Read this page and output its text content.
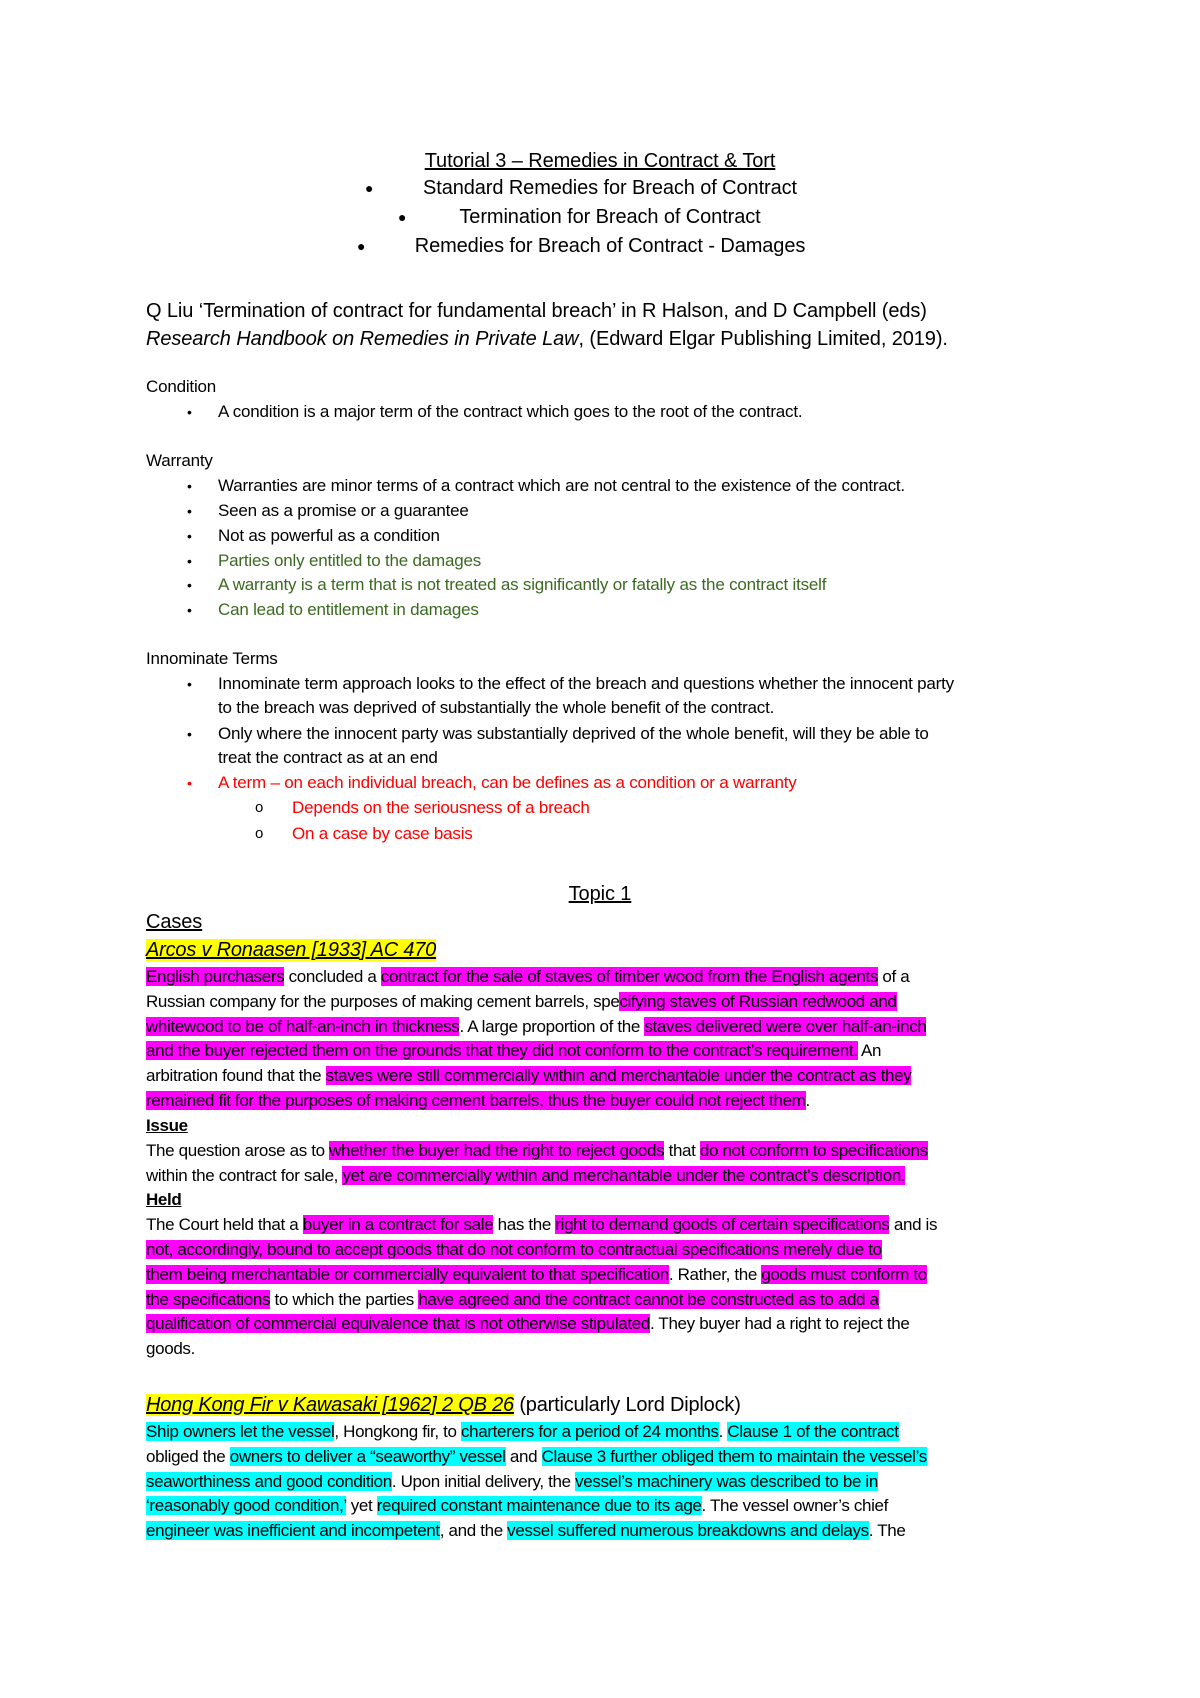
Tutorial 3 – Remedies in Contract & Tort
●	Standard Remedies for Breach of Contract
●	Termination for Breach of Contract
●	Remedies for Breach of Contract - Damages
Q Liu ‘Termination of contract for fundamental breach’ in R Halson, and D Campbell (eds)
Research Handbook on Remedies in Private Law, (Edward Elgar Publishing Limited, 2019).
Condition
• A condition is a major term of the contract which goes to the root of the contract.
Warranty
• Warranties are minor terms of a contract which are not central to the existence of the contract.
• Seen as a promise or a guarantee
• Not as powerful as a condition
• Parties only entitled to the damages
• A warranty is a term that is not treated as significantly or fatally as the contract itself
• Can lead to entitlement in damages
Innominate Terms
• Innominate term approach looks to the effect of the breach and questions whether the innocent party
to the breach was deprived of substantially the whole benefit of the contract.
• Only where the innocent party was substantially deprived of the whole benefit, will they be able to
treat the contract as at an end
• A term – on each individual breach, can be defines as a condition or a warranty
o Depends on the seriousness of a breach
o On a case by case basis
Topic 1
Cases
Arcos v Ronaasen [1933] AC 470
English purchasers concluded a contract for the sale of staves of timber wood from the English agents of a
Russian company for the purposes of making cement barrels, specifying staves of Russian redwood and
whitewood to be of half-an-inch in thickness. A large proportion of the staves delivered were over half-an-inch
and the buyer rejected them on the grounds that they did not conform to the contract’s requirement. An
arbitration found that the staves were still commercially within and merchantable under the contract as they
remained fit for the purposes of making cement barrels, thus the buyer could not reject them.
Issue
The question arose as to whether the buyer had the right to reject goods that do not conform to specifications
within the contract for sale, yet are commercially within and merchantable under the contract’s description.
Held
The Court held that a buyer in a contract for sale has the right to demand goods of certain specifications and is
not, accordingly, bound to accept goods that do not conform to contractual specifications merely due to
them being merchantable or commercially equivalent to that specification. Rather, the goods must conform to
the specifications to which the parties have agreed and the contract cannot be constructed as to add a
qualification of commercial equivalence that is not otherwise stipulated. They buyer had a right to reject the
goods.
Hong Kong Fir v Kawasaki [1962] 2 QB 26 (particularly Lord Diplock)
Ship owners let the vessel, Hongkong fir, to charterers for a period of 24 months. Clause 1 of the contract
obliged the owners to deliver a “seaworthy” vessel and Clause 3 further obliged them to maintain the vessel’s
seaworthiness and good condition. Upon initial delivery, the vessel’s machinery was described to be in
‘reasonably good condition,’ yet required constant maintenance due to its age. The vessel owner’s chief
engineer was inefficient and incompetent, and the vessel suffered numerous breakdowns and delays. The
